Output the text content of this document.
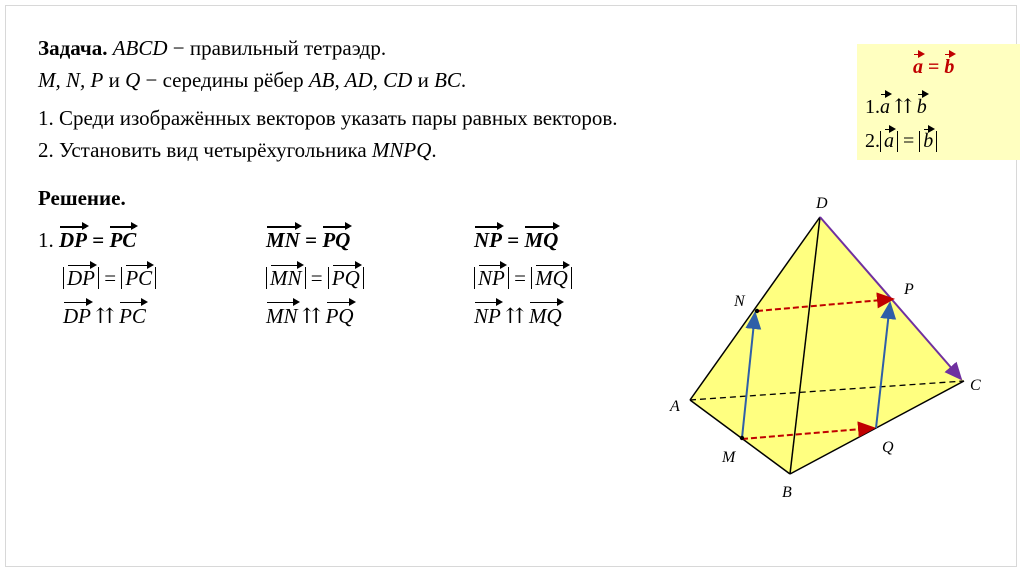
Задача. ABCD − правильный тетраэдр.
M, N, P и Q − середины рёбер AB, AD, CD и BC.
1. Среди изображённых векторов указать пары равных векторов.
2. Установить вид четырёхугольника MNPQ.
Решение.
1. DP = PC
DP = PC
DP ⇈ PC
MN = PQ
MN = PQ
MN ⇈ PQ
NP = MQ
NP = MQ
NP ⇈ MQ
a = b
1.a ⇈ b
2. a = b
D
P
N
C
A
Q
M
B
